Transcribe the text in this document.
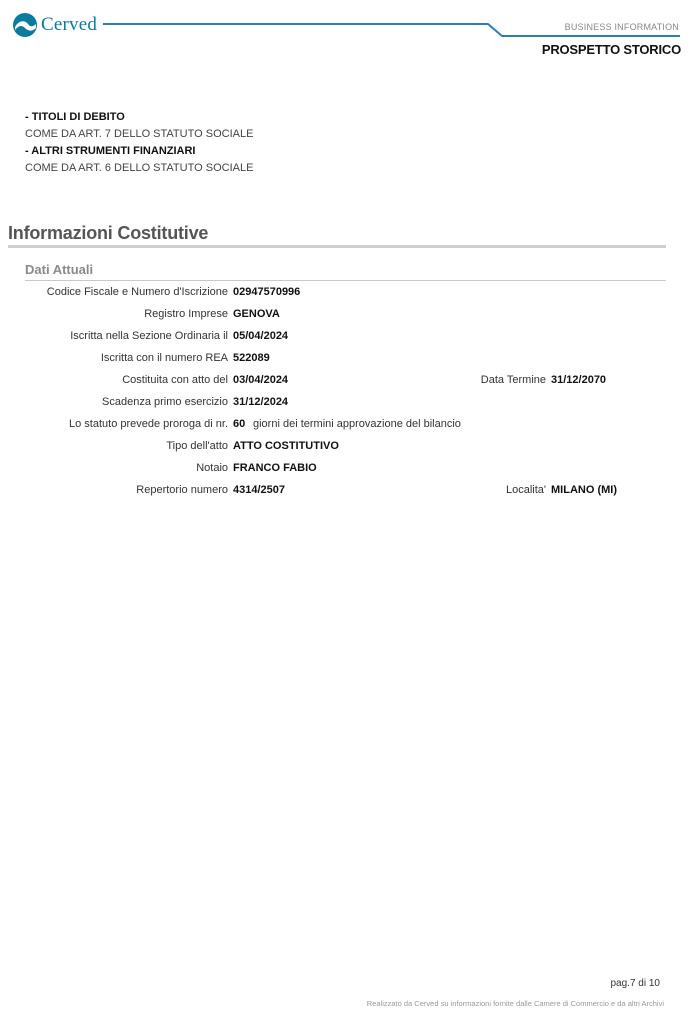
Cerved	BUSINESS INFORMATION
PROSPETTO STORICO
- TITOLI DI DEBITO
COME DA ART. 7 DELLO STATUTO SOCIALE
- ALTRI STRUMENTI FINANZIARI
COME DA ART. 6 DELLO STATUTO SOCIALE
Informazioni Costitutive
Dati Attuali
Codice Fiscale e Numero d'Iscrizione 02947570996
Registro Imprese GENOVA
Iscritta nella Sezione Ordinaria il 05/04/2024
Iscritta con il numero REA 522089
Costituita con atto del 03/04/2024	Data Termine 31/12/2070
Scadenza primo esercizio 31/12/2024
Lo statuto prevede proroga di nr. 60 giorni dei termini approvazione del bilancio
Tipo dell'atto ATTO COSTITUTIVO
Notaio FRANCO FABIO
Repertorio numero 4314/2507	Localita' MILANO (MI)
pag.7 di 10
Realizzato da Cerved su informazioni fornite dalle Camere di Commercio e da altri Archivi
